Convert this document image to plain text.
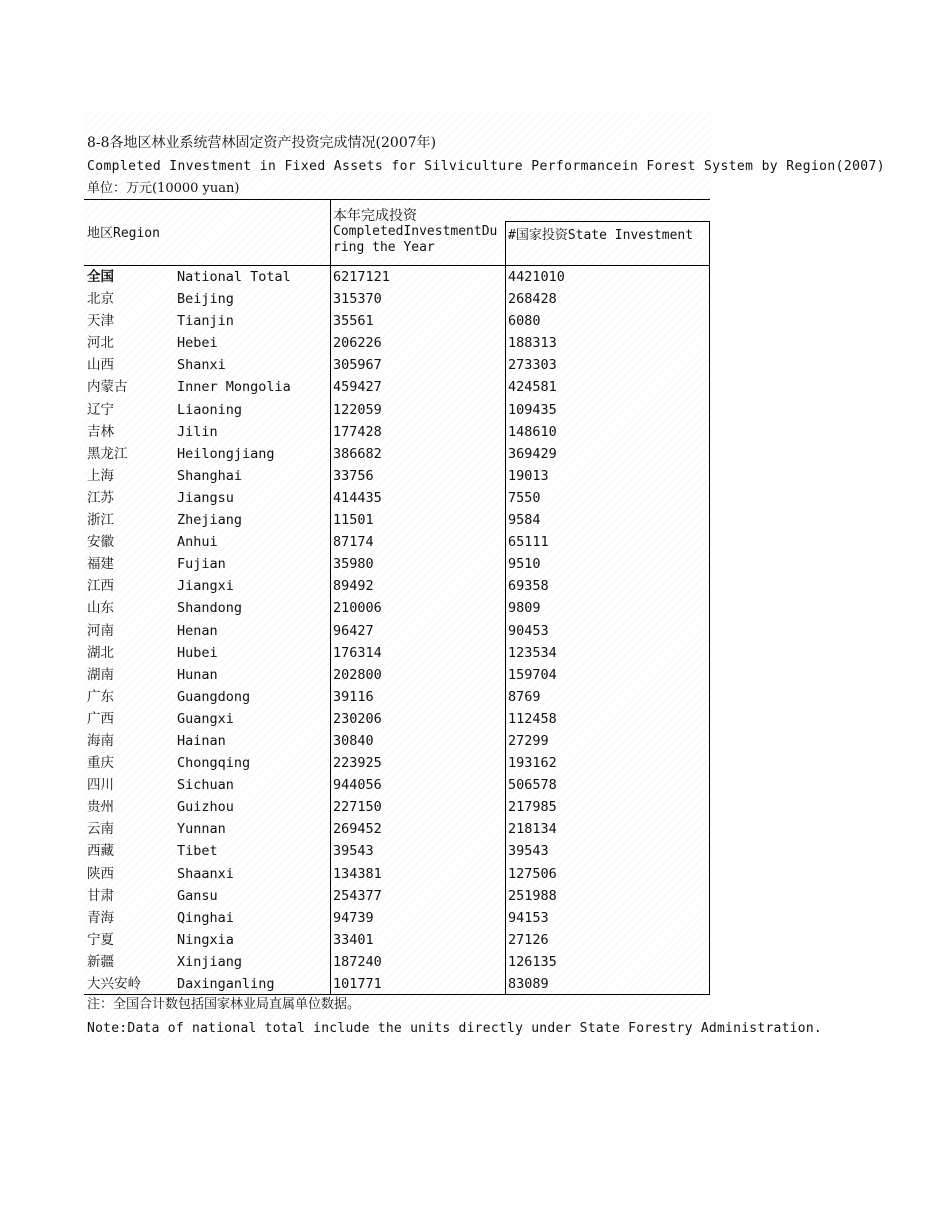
8-8各地区林业系统营林固定资产投资完成情况(2007年)
Completed Investment in Fixed Assets for Silviculture Performancein Forest System by Region(2007)
单位：万元(10000 yuan)
地区Region
本年完成投资
CompletedInvestmentDuring the Year
#国家投资State Investment
全国	National Total	6217121	4421010
北京	Beijing	315370	268428
天津	Tianjin	35561	6080
河北	Hebei	206226	188313
山西	Shanxi	305967	273303
内蒙古	Inner Mongolia	459427	424581
辽宁	Liaoning	122059	109435
吉林	Jilin	177428	148610
黑龙江	Heilongjiang	386682	369429
上海	Shanghai	33756	19013
江苏	Jiangsu	414435	7550
浙江	Zhejiang	11501	9584
安徽	Anhui	87174	65111
福建	Fujian	35980	9510
江西	Jiangxi	89492	69358
山东	Shandong	210006	9809
河南	Henan	96427	90453
湖北	Hubei	176314	123534
湖南	Hunan	202800	159704
广东	Guangdong	39116	8769
广西	Guangxi	230206	112458
海南	Hainan	30840	27299
重庆	Chongqing	223925	193162
四川	Sichuan	944056	506578
贵州	Guizhou	227150	217985
云南	Yunnan	269452	218134
西藏	Tibet	39543	39543
陕西	Shaanxi	134381	127506
甘肃	Gansu	254377	251988
青海	Qinghai	94739	94153
宁夏	Ningxia	33401	27126
新疆	Xinjiang	187240	126135
大兴安岭	Daxinganling	101771	83089
注：全国合计数包括国家林业局直属单位数据。
Note:Data of national total include the units directly under State Forestry Administration.
